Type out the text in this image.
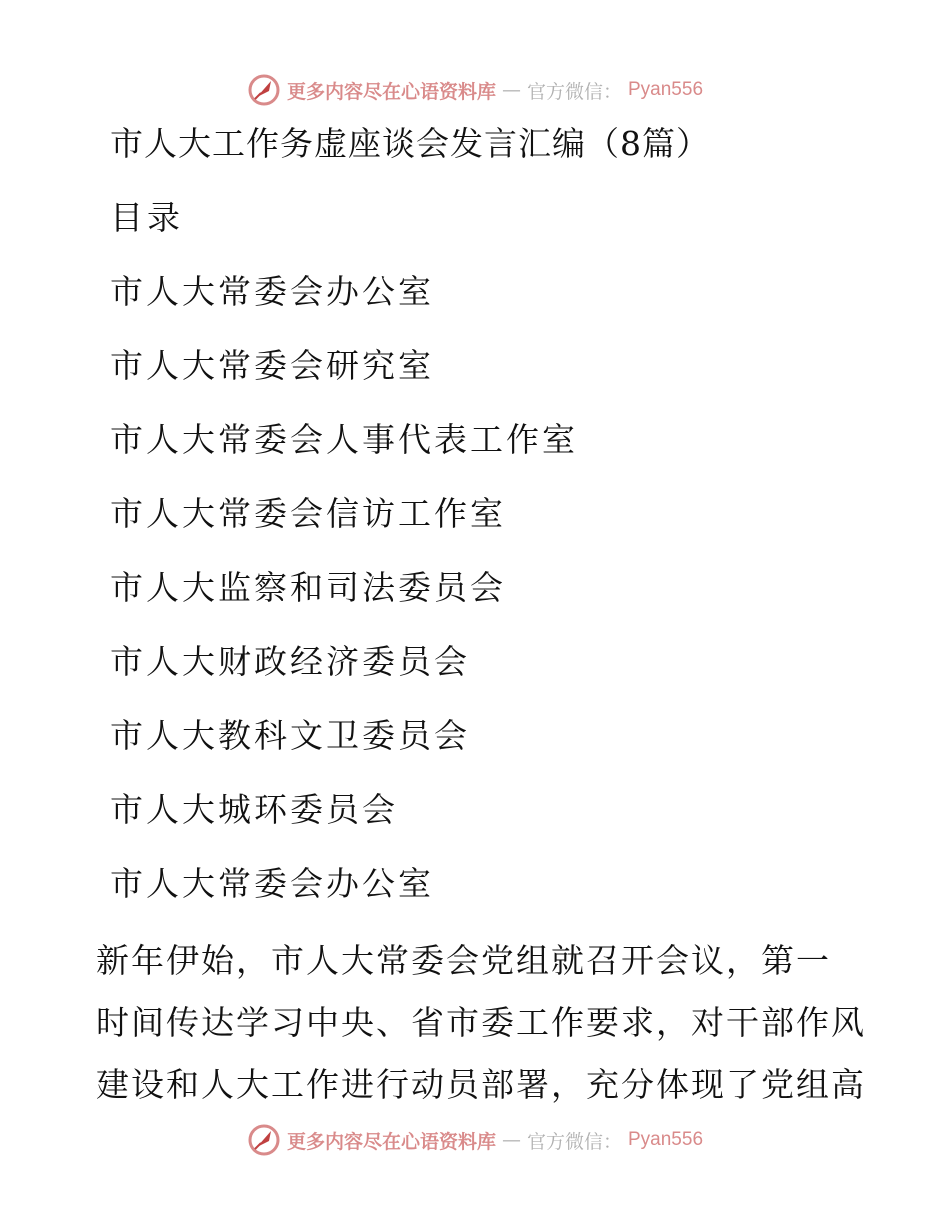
更多内容尽在心语资料库 — 官方微信： Pyan556
市人大工作务虚座谈会发言汇编（8篇）
目录
市人大常委会办公室
市人大常委会研究室
市人大常委会人事代表工作室
市人大常委会信访工作室
市人大监察和司法委员会
市人大财政经济委员会
市人大教科文卫委员会
市人大城环委员会
市人大常委会办公室

新年伊始，市人大常委会党组就召开会议，第一
时间传达学习中央、省市委工作要求，对干部作风
建设和人大工作进行动员部署，充分体现了党组高

更多内容尽在心语资料库 — 官方微信： Pyan556
